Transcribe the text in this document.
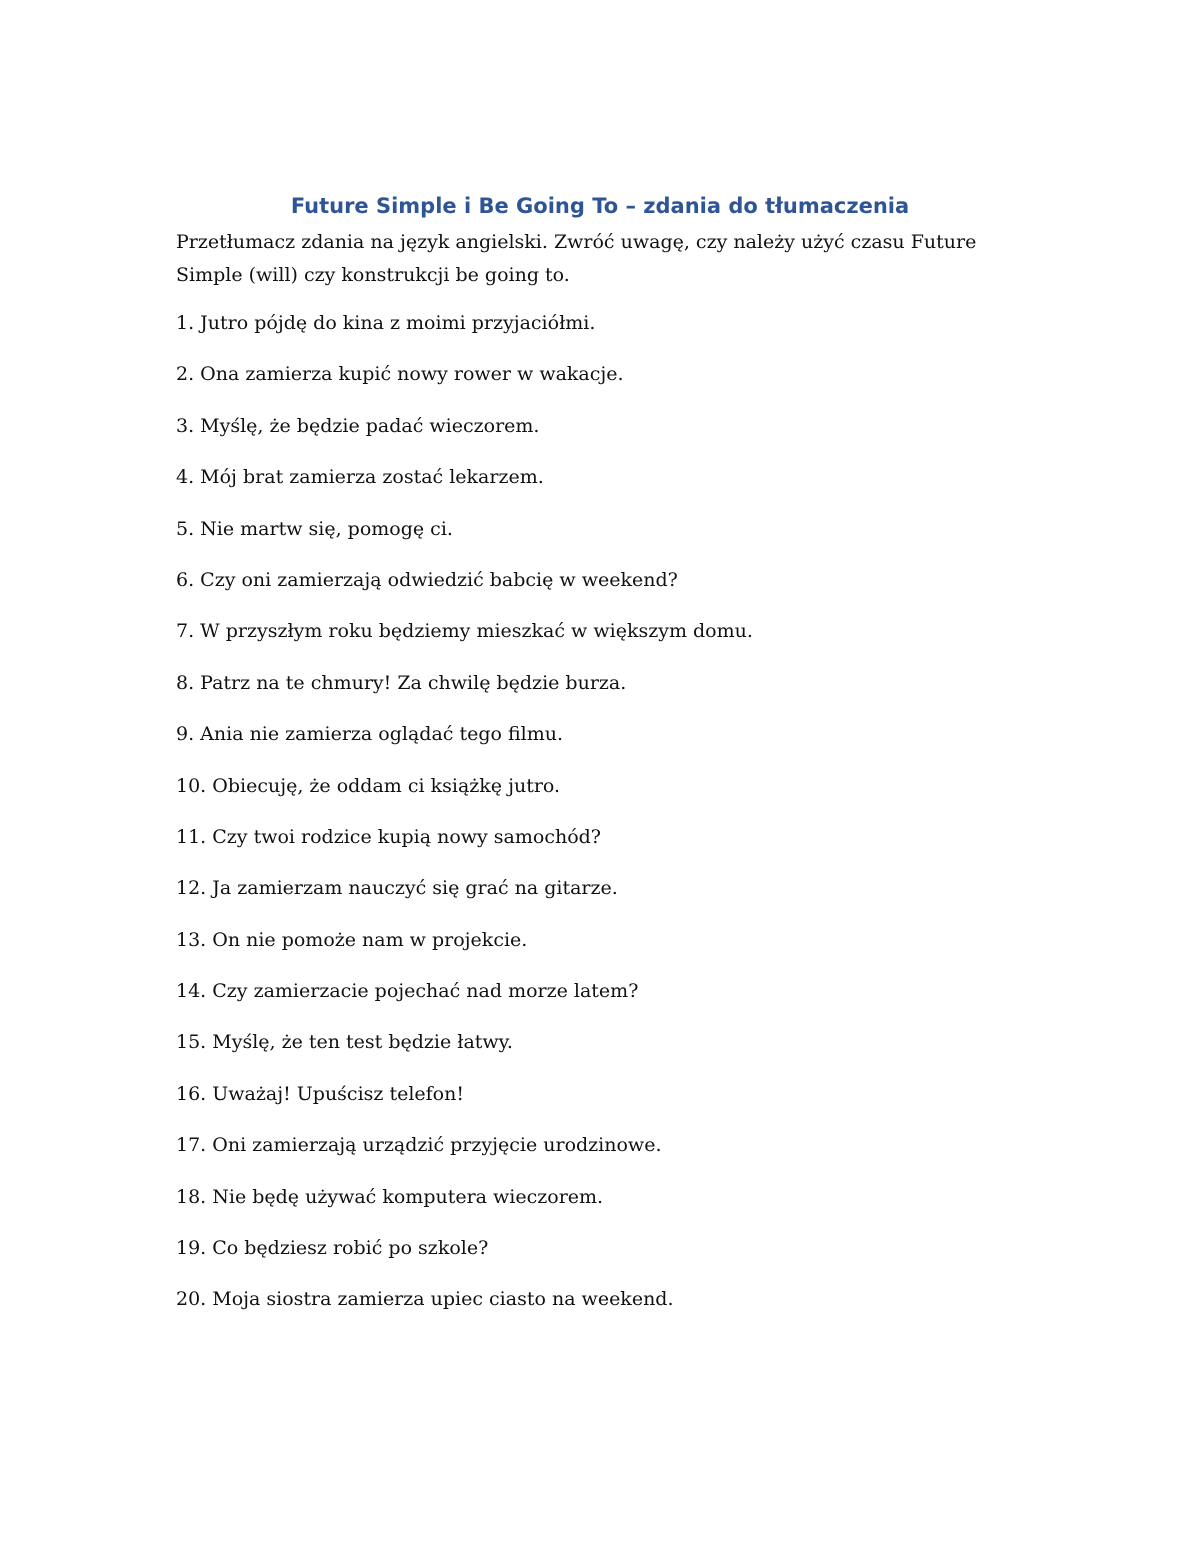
Future Simple i Be Going To – zdania do tłumaczenia

Przetłumacz zdania na język angielski. Zwróć uwagę, czy należy użyć czasu Future Simple (will) czy konstrukcji be going to.

1. Jutro pójdę do kina z moimi przyjaciółmi.
2. Ona zamierza kupić nowy rower w wakacje.
3. Myślę, że będzie padać wieczorem.
4. Mój brat zamierza zostać lekarzem.
5. Nie martw się, pomogę ci.
6. Czy oni zamierzają odwiedzić babcię w weekend?
7. W przyszłym roku będziemy mieszkać w większym domu.
8. Patrz na te chmury! Za chwilę będzie burza.
9. Ania nie zamierza oglądać tego filmu.
10. Obiecuję, że oddam ci książkę jutro.
11. Czy twoi rodzice kupią nowy samochód?
12. Ja zamierzam nauczyć się grać na gitarze.
13. On nie pomoże nam w projekcie.
14. Czy zamierzacie pojechać nad morze latem?
15. Myślę, że ten test będzie łatwy.
16. Uważaj! Upuścisz telefon!
17. Oni zamierzają urządzić przyjęcie urodzinowe.
18. Nie będę używać komputera wieczorem.
19. Co będziesz robić po szkole?
20. Moja siostra zamierza upiec ciasto na weekend.
